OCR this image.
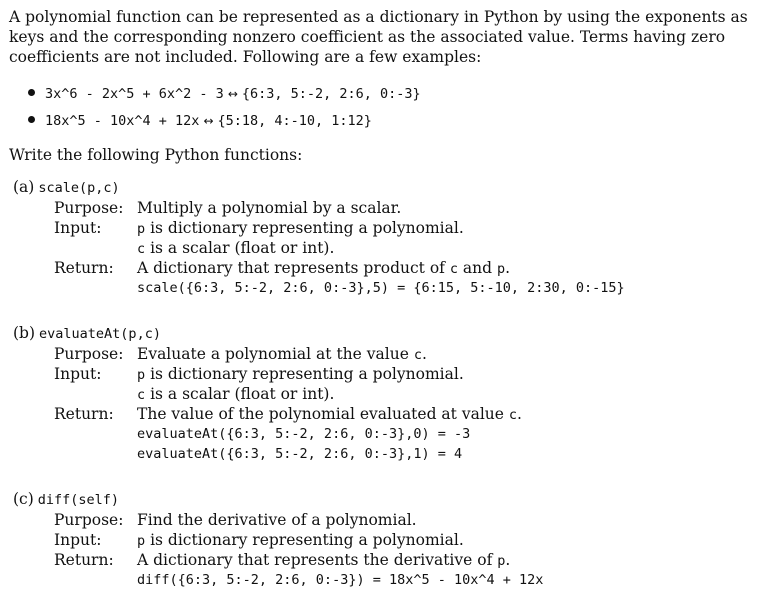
A polynomial function can be represented as a dictionary in Python by using the exponents as keys and the corresponding nonzero coefficient as the associated value. Terms having zero coefficients are not included. Following are a few examples:
3x^6 - 2x^5 + 6x^2 - 3 ↔ {6:3, 5:-2, 2:6, 0:-3}
18x^5 - 10x^4 + 12x ↔ {5:18, 4:-10, 1:12}
Write the following Python functions:
(a) scale(p,c)
Purpose: Multiply a polynomial by a scalar.
Input:	p is dictionary representing a polynomial.
c is a scalar (float or int).
Return:	A dictionary that represents product of c and p.
scale({6:3, 5:-2, 2:6, 0:-3},5) = {6:15, 5:-10, 2:30, 0:-15}
(b) evaluateAt(p,c)
Purpose: Evaluate a polynomial at the value c.
Input:	p is dictionary representing a polynomial.
c is a scalar (float or int).
Return:	The value of the polynomial evaluated at value c.
evaluateAt({6:3, 5:-2, 2:6, 0:-3},0) = -3
evaluateAt({6:3, 5:-2, 2:6, 0:-3},1) = 4
(c) diff(self)
Purpose: Find the derivative of a polynomial.
Input:	p is dictionary representing a polynomial.
Return:	A dictionary that represents the derivative of p.
diff({6:3, 5:-2, 2:6, 0:-3}) = 18x^5 - 10x^4 + 12x
